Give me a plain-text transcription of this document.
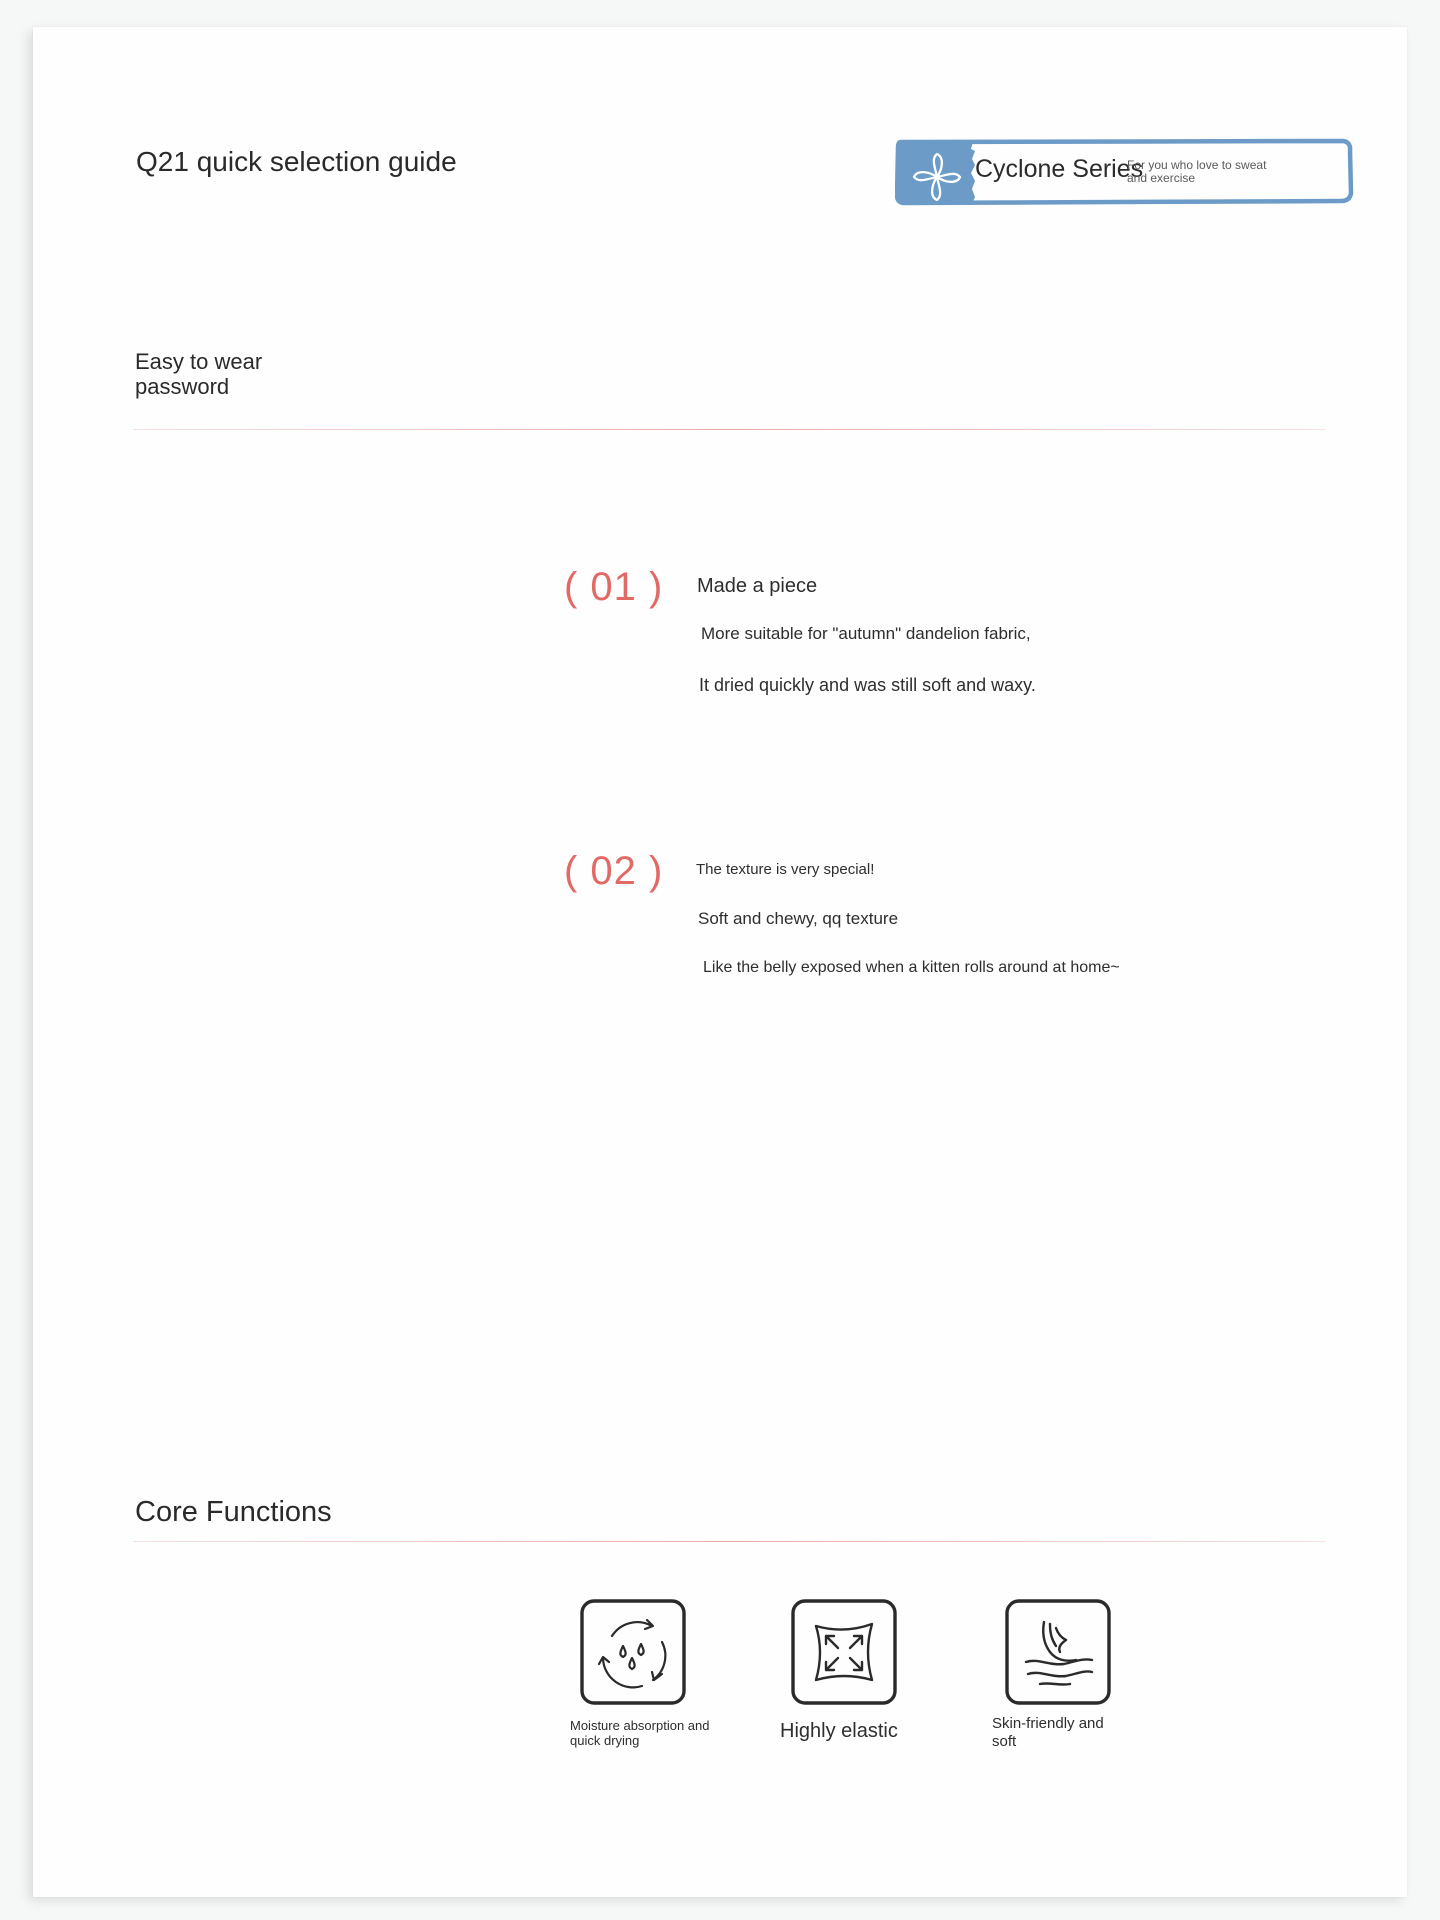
Q21 quick selection guide	Cyclone Series
For you who love to sweat and exercise
Easy to wear
password
( 01 ) Made a piece
More suitable for "autumn" dandelion fabric,
It dried quickly and was still soft and waxy.
( 02 ) The texture is very special!
Soft and chewy, qq texture
Like the belly exposed when a kitten rolls around at home~
Core Functions
Moisture absorption and quick drying	Highly elastic	Skin-friendly and soft
